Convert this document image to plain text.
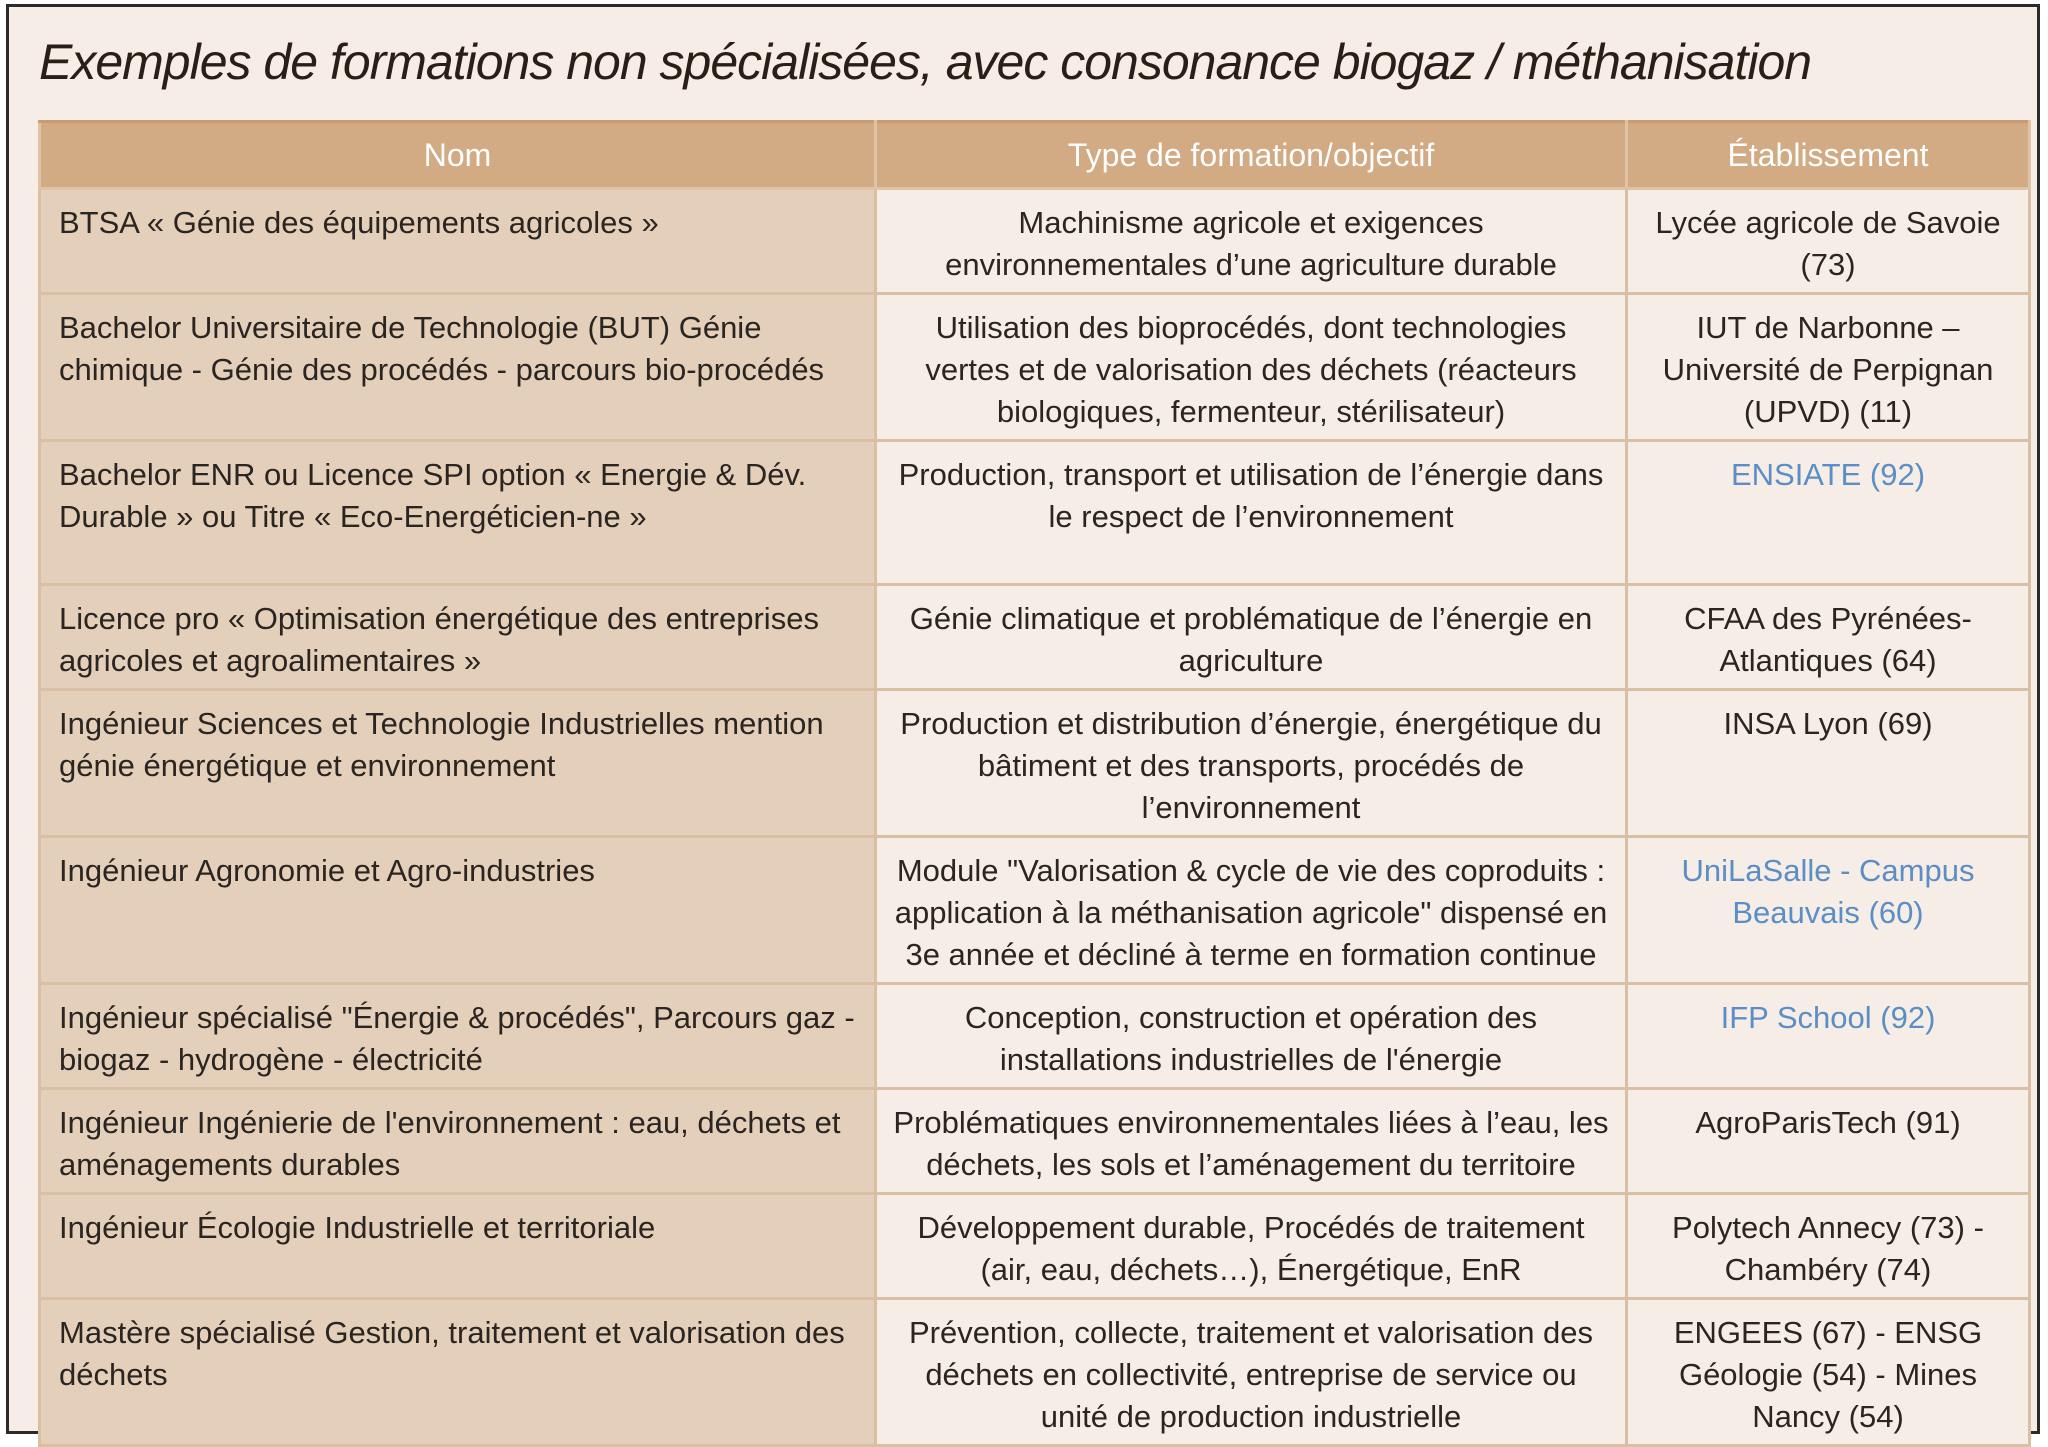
Exemples de formations non spécialisées, avec consonance biogaz / méthanisation
Nom	Type de formation/objectif	Établissement
BTSA « Génie des équipements agricoles »	Machinisme agricole et exigences environnementales d’une agriculture durable	Lycée agricole de Savoie (73)
Bachelor Universitaire de Technologie (BUT) Génie chimique - Génie des procédés - parcours bio-procédés	Utilisation des bioprocédés, dont technologies vertes et de valorisation des déchets (réacteurs biologiques, fermenteur, stérilisateur)	IUT de Narbonne – Université de Perpignan (UPVD) (11)
Bachelor ENR ou Licence SPI option « Energie & Dév. Durable » ou Titre « Eco-Energéticien-ne »	Production, transport et utilisation de l’énergie dans le respect de l’environnement	ENSIATE (92)
Licence pro « Optimisation énergétique des entreprises agricoles et agroalimentaires »	Génie climatique et problématique de l’énergie en agriculture	CFAA des Pyrénées-Atlantiques (64)
Ingénieur Sciences et Technologie Industrielles mention génie énergétique et environnement	Production et distribution d’énergie, énergétique du bâtiment et des transports, procédés de l’environnement	INSA Lyon (69)
Ingénieur Agronomie et Agro-industries	Module "Valorisation & cycle de vie des coproduits : application à la méthanisation agricole" dispensé en 3e année et décliné à terme en formation continue	UniLaSalle - Campus Beauvais (60)
Ingénieur spécialisé "Énergie & procédés", Parcours gaz - biogaz - hydrogène - électricité	Conception, construction et opération des installations industrielles de l'énergie	IFP School (92)
Ingénieur Ingénierie de l'environnement : eau, déchets et aménagements durables	Problématiques environnementales liées à l’eau, les déchets, les sols et l’aménagement du territoire	AgroParisTech (91)
Ingénieur Écologie Industrielle et territoriale	Développement durable, Procédés de traitement (air, eau, déchets…), Énergétique, EnR	Polytech Annecy (73) - Chambéry (74)
Mastère spécialisé Gestion, traitement et valorisation des déchets	Prévention, collecte, traitement et valorisation des déchets en collectivité, entreprise de service ou unité de production industrielle	ENGEES (67) - ENSG Géologie (54) - Mines Nancy (54)
